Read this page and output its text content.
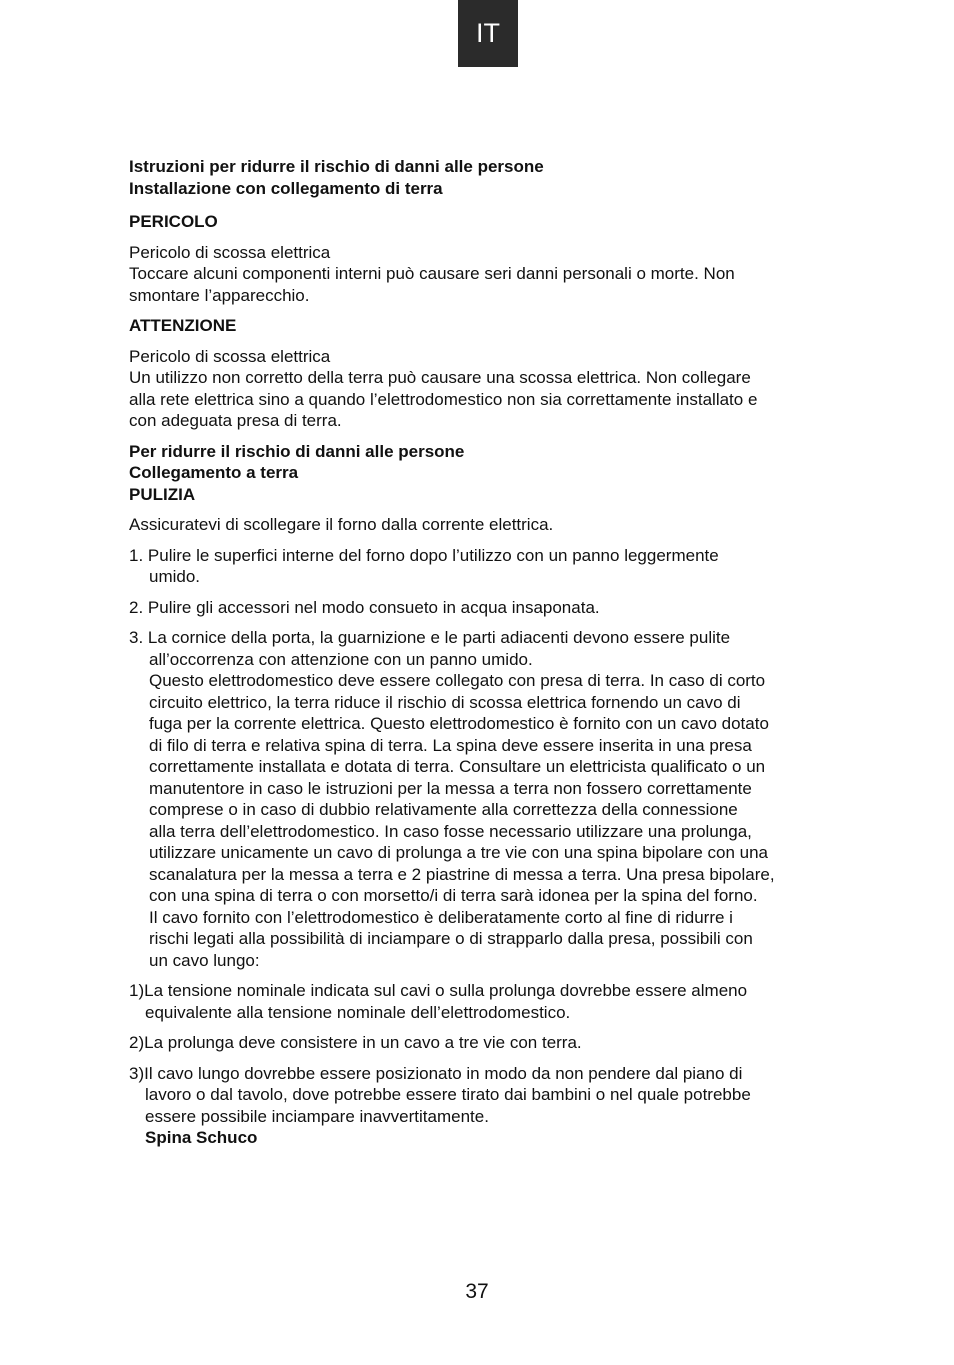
IT
Istruzioni per ridurre il rischio di danni alle persone
Installazione con collegamento di terra
PERICOLO
Pericolo di scossa elettrica
Toccare alcuni componenti interni può causare seri danni personali o morte. Non
smontare l’apparecchio.
ATTENZIONE
Pericolo di scossa elettrica
Un utilizzo non corretto della terra può causare una scossa elettrica. Non collegare
alla rete elettrica sino a quando l’elettrodomestico non sia correttamente installato e
con adeguata presa di terra.
Per ridurre il rischio di danni alle persone
Collegamento a terra
PULIZIA
Assicuratevi di scollegare il forno dalla corrente elettrica.
1. Pulire le superfici interne del forno dopo l’utilizzo con un panno leggermente
umido.
2. Pulire gli accessori nel modo consueto in acqua insaponata.
3. La cornice della porta, la guarnizione e le parti adiacenti devono essere pulite
all’occorrenza con attenzione con un panno umido.
Questo elettrodomestico deve essere collegato con presa di terra. In caso di corto
circuito elettrico, la terra riduce il rischio di scossa elettrica fornendo un cavo di
fuga per la corrente elettrica. Questo elettrodomestico è fornito con un cavo dotato
di filo di terra e relativa spina di terra. La spina deve essere inserita in una presa
correttamente installata e dotata di terra. Consultare un elettricista qualificato o un
manutentore in caso le istruzioni per la messa a terra non fossero correttamente
comprese o in caso di dubbio relativamente alla correttezza della connessione
alla terra dell’elettrodomestico. In caso fosse necessario utilizzare una prolunga,
utilizzare unicamente un cavo di prolunga a tre vie con una spina bipolare con una
scanalatura per la messa a terra e 2 piastrine di messa a terra. Una presa bipolare,
con una spina di terra o con morsetto/i di terra sarà idonea per la spina del forno.
Il cavo fornito con l’elettrodomestico è deliberatamente corto al fine di ridurre i
rischi legati alla possibilità di inciampare o di strapparlo dalla presa, possibili con
un cavo lungo:
1)La tensione nominale indicata sul cavi o sulla prolunga dovrebbe essere almeno
equivalente alla tensione nominale dell’elettrodomestico.
2)La prolunga deve consistere in un cavo a tre vie con terra.
3)Il cavo lungo dovrebbe essere posizionato in modo da non pendere dal piano di
lavoro o dal tavolo, dove potrebbe essere tirato dai bambini o nel quale potrebbe
essere possibile inciampare inavvertitamente.
Spina Schuco
37
